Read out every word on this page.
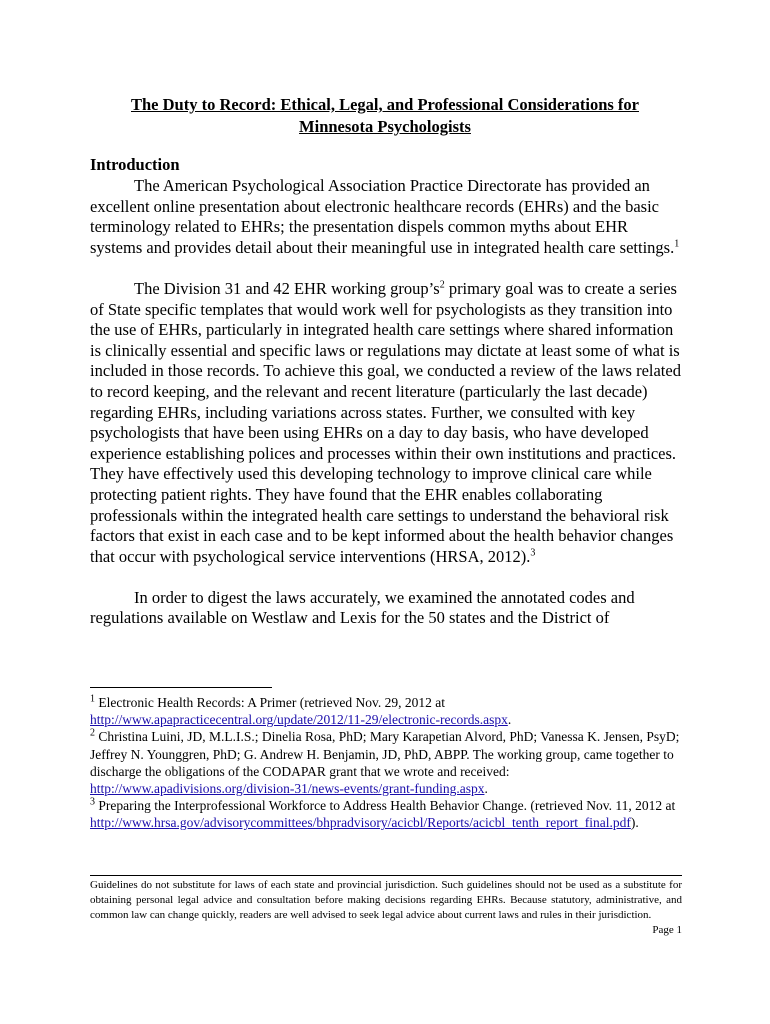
The Duty to Record: Ethical, Legal, and Professional Considerations for
Minnesota Psychologists
Introduction

The American Psychological Association Practice Directorate has provided an excellent online presentation about electronic healthcare records (EHRs) and the basic terminology related to EHRs; the presentation dispels common myths about EHR systems and provides detail about their meaningful use in integrated health care settings.$^1$

The Division 31 and 42 EHR working $group’s^2$ primary goal was to create a series of State specific templates that would work well for psychologists as they transition into the use of EHRs, particularly in integrated health care settings where shared information is clinically essential and specific laws or regulations may dictate at least some of what is included in those records. To achieve this goal, we conducted a review of the laws related to record keeping, and the relevant and recent literature (particularly the last decade) regarding EHRs, including variations across states. Further, we consulted with key psychologists that have been using EHRs on a day to day basis, who have developed experience establishing polices and processes within their own institutions and practices. They have effectively used this developing technology to improve clinical care while protecting patient rights. They have found that the EHR enables collaborating professionals within the integrated health care settings to understand the behavioral risk factors that exist in each case and to be kept informed about the health behavior changes that occur with psychological service interventions (HRSA, 2012).$^3$

In order to digest the laws accurately, we examined the annotated codes and regulations available on Westlaw and Lexis for the 50 states and the District of

$^1$ Electronic Health Records: A Primer (retrieved Nov. 29, 2012 at
http://www.apapracticecentral.org/update/2012/11-29/electronic-records.aspx.

$^2$ Christina Luini, JD, M.L.I.S.; Dinelia Rosa, PhD; Mary Karapetian Alvord, PhD; Vanessa K. Jensen, PsyD; Jeffrey N. Younggren, PhD; G. Andrew H. Benjamin, JD, PhD, ABPP. The working group, came together to discharge the obligations of the CODAPAR grant that we wrote and received: http://www.apadivisions.org/division-31/news-events/grant-funding.aspx.

$^3$ Preparing the Interprofessional Workforce to Address Health Behavior Change. (retrieved Nov. 11, 2012 at
http://www.hrsa.gov/advisorycommittees/bhpradvisory/acicbl/Reports/acicbl_tenth_report_final.pdf).

Guidelines do not substitute for laws of each state and provincial jurisdiction. Such guidelines should not be used as a substitute for obtaining personal legal advice and consultation before making decisions regarding EHRs. Because statutory, administrative, and common law can change quickly, readers are well advised to seek legal advice about current laws and rules in their jurisdiction.
Page 1
